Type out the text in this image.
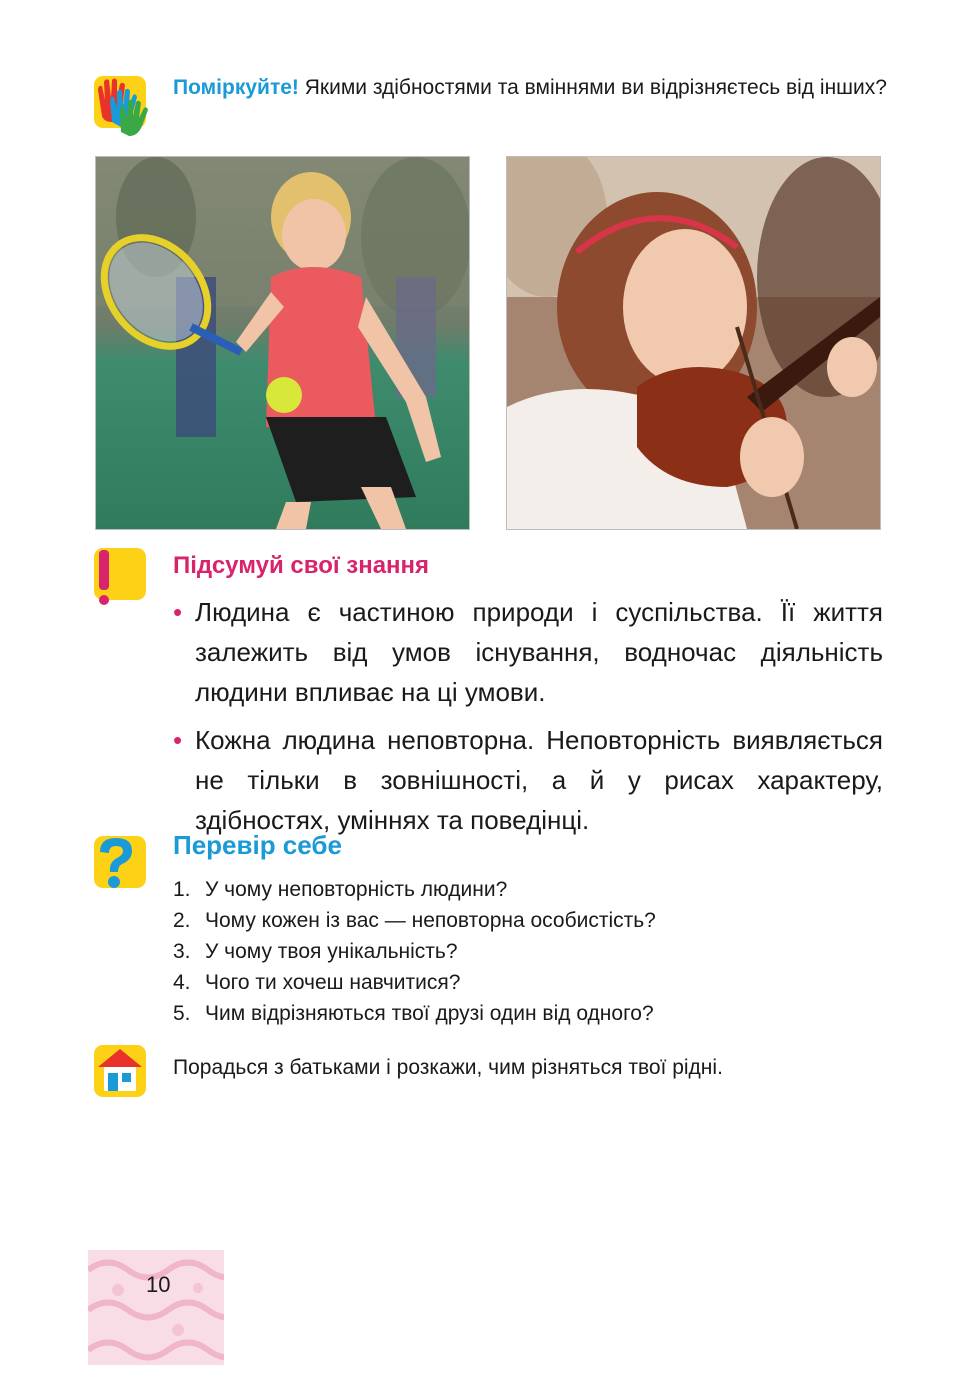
Поміркуйте! Якими здібностями та вміннями ви відрізняєтесь від інших?
Підсумуй свої знання
• Людина є частиною природи і суспільства. Її життя залежить від умов існування, водночас діяльність людини впливає на ці умови.
• Кожна людина неповторна. Неповторність виявляється не тільки в зовнішності, а й у рисах характеру, здібностях, уміннях та поведінці.
Перевір себе
1. У чому неповторність людини?
2. Чому кожен із вас — неповторна особистість?
3. У чому твоя унікальність?
4. Чого ти хочеш навчитися?
5. Чим відрізняються твої друзі один від одного?
Порадься з батьками і розкажи, чим різняться твої рідні.
10
